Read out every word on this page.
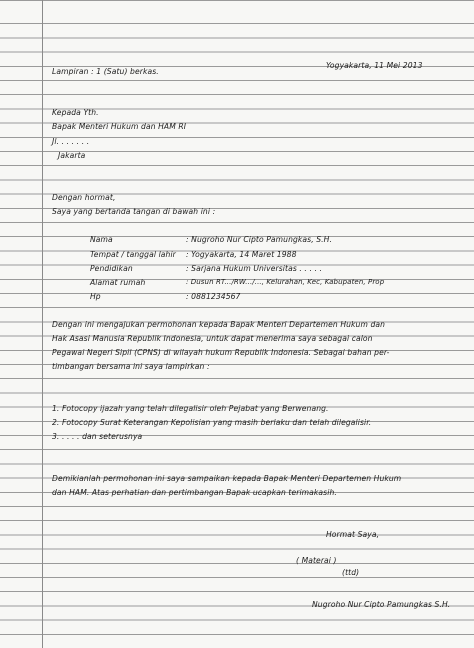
Lampiran : 1 (Satu) berkas.
Yogyakarta, 11 Mei 2013
Kepada Yth.
Bapak Menteri Hukum dan HAM RI
Jl. . . . . . .
Jakarta
Dengan hormat,
Saya yang bertanda tangan di bawah ini :
Nama	: Nugroho Nur Cipto Pamungkas, S.H.
Tempat / tanggal lahir : Yogyakarta, 14 Maret 1988
Pendidikan	: Sarjana Hukum Universitas . . . . .
Alamat rumah	: Dusun RT.../RW.../..., Kelurahan, Kec, Kabupaten, Prop
Hp	: 0881234567
Dengan ini mengajukan permohonan kepada Bapak Menteri Departemen Hukum dan
Hak Asasi Manusia Republik Indonesia, untuk dapat menerima saya sebagai calon
Pegawai Negeri Sipil (CPNS) di wilayah hukum Republik Indonesia. Sebagai bahan per-
timbangan bersama ini saya lampirkan :
1. Fotocopy ijazah yang telah dilegalisir oleh Pejabat yang Berwenang.
2. Fotocopy Surat Keterangan Kepolisian yang masih berlaku dan telah dilegalisir.
3. . . . . dan seterusnya
Demikianlah permohonan ini saya sampaikan kepada Bapak Menteri Departemen Hukum
dan HAM. Atas perhatian dan pertimbangan Bapak ucapkan terimakasih.
Hormat Saya,
( Materai )
(ttd)
Nugroho Nur Cipto Pamungkas S.H.
